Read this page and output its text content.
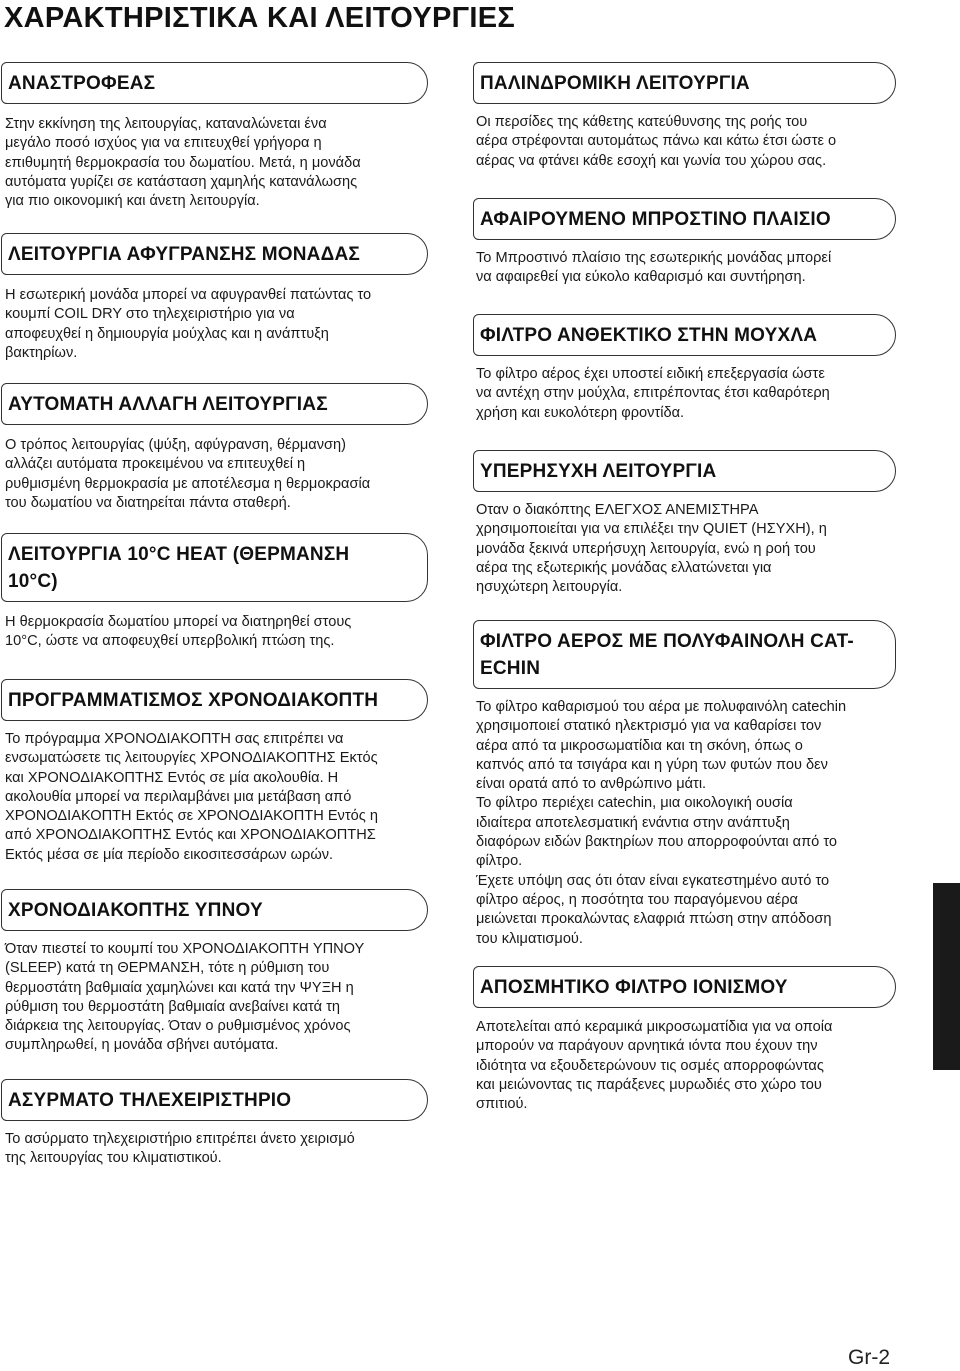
ΧΑΡΑΚΤΗΡΙΣΤΙΚΑ ΚΑΙ ΛΕΙΤΟΥΡΓΙΕΣ
ΑΝΑΣΤΡΟΦΕΑΣ

Στην εκκίνηση της λειτουργίας, καταναλώνεται ένα
μεγάλο ποσό ισχύος για να επιτευχθεί γρήγορα η
επιθυμητή θερμοκρασία του δωματίου. Μετά, η μονάδα
αυτόματα γυρίζει σε κατάσταση χαμηλής κατανάλωσης
για πιο οικονομική και άνετη λειτουργία.

ΛΕΙΤΟΥΡΓΙΑ ΑΦΥΓΡΑΝΣΗΣ ΜΟΝΑΔΑΣ

Η εσωτερική μονάδα μπορεί να αφυγρανθεί πατώντας το
κουμπί COIL DRY στο τηλεχειριστήριο για να
αποφευχθεί η δημιουργία μούχλας και η ανάπτυξη
βακτηρίων.

ΑΥΤΟΜΑΤΗ ΑΛΛΑΓΗ ΛΕΙΤΟΥΡΓΙΑΣ

Ο τρόπος λειτουργίας (ψύξη, αφύγρανση, θέρμανση)
αλλάζει αυτόματα προκειμένου να επιτευχθεί η
ρυθμισμένη θερμοκρασία με αποτέλεσμα η θερμοκρασία
του δωματίου να διατηρείται πάντα σταθερή.

ΛΕΙΤΟΥΡΓΙΑ 10°C HEAT (ΘΕΡΜΑΝΣΗ
10°C)

Η θερμοκρασία δωματίου μπορεί να διατηρηθεί στους
10°C, ώστε να αποφευχθεί υπερβολική πτώση της.

ΠΡΟΓΡΑΜΜΑΤΙΣΜΟΣ ΧΡΟΝΟΔΙΑΚΟΠΤΗ

Το πρόγραμμα ΧΡΟΝΟΔΙΑΚΟΠΤΗ σας επιτρέπει να
ενσωματώσετε τις λειτουργίες ΧΡΟΝΟΔΙΑΚΟΠΤΗΣ Εκτός
και ΧΡΟΝΟΔΙΑΚΟΠΤΗΣ Εντός σε μία ακολουθία. Η
ακολουθία μπορεί να περιλαμβάνει μια μετάβαση από
ΧΡΟΝΟΔΙΑΚΟΠΤΗ Εκτός σε ΧΡΟΝΟΔΙΑΚΟΠΤΗ Εντός η
από ΧΡΟΝΟΔΙΑΚΟΠΤΗΣ Εντός και ΧΡΟΝΟΔΙΑΚΟΠΤΗΣ
Εκτός μέσα σε μία περίοδο εικοσιτεσσάρων ωρών.

ΧΡΟΝΟΔΙΑΚΟΠΤΗΣ ΥΠΝΟΥ

Όταν πιεστεί το κουμπί του ΧΡΟΝΟΔΙΑΚΟΠΤΗ ΥΠΝΟΥ
(SLEEP) κατά τη ΘΕΡΜΑΝΣΗ, τότε η ρύθμιση του
θερμοστάτη βαθμιαία χαμηλώνει και κατά την ΨΥΞΗ η
ρύθμιση του θερμοστάτη βαθμιαία ανεβαίνει κατά τη
διάρκεια της λειτουργίας. Όταν ο ρυθμισμένος χρόνος
συμπληρωθεί, η μονάδα σβήνει αυτόματα.

ΑΣΥΡΜΑΤΟ ΤΗΛΕΧΕΙΡΙΣΤΗΡΙΟ

Το ασύρματο τηλεχειριστήριο επιτρέπει άνετο χειρισμό
της λειτουργίας του κλιματιστικού.

ΠΑΛΙΝΔΡΟΜΙΚΗ ΛΕΙΤΟΥΡΓΙΑ

Οι περσίδες της κάθετης κατεύθυνσης της ροής του
αέρα στρέφονται αυτομάτως πάνω και κάτω έτσι ώστε ο
αέρας να φτάνει κάθε εσοχή και γωνία του χώρου σας.

ΑΦΑΙΡΟΥΜΕΝΟ ΜΠΡΟΣΤΙΝΟ ΠΛΑΙΣΙΟ

Το Μπροστινό πλαίσιο της εσωτερικής μονάδας μπορεί
να αφαιρεθεί για εύκολο καθαρισμό και συντήρηση.

ΦΙΛΤΡΟ ΑΝΘΕΚΤΙΚΟ ΣΤΗΝ ΜΟΥΧΛΑ

Το φίλτρο αέρος έχει υποστεί ειδική επεξεργασία ώστε
να αντέχη στην μούχλα, επιτρέποντας έτσι καθαρότερη
χρήση και ευκολότερη φροντίδα.

ΥΠΕΡΗΣΥΧΗ ΛΕΙΤΟΥΡΓΙΑ

Οταν ο διακόπτης ΕΛΕΓΧΟΣ ΑΝΕΜΙΣΤΗΡΑ
χρησιμοποιείται για να επιλέξει την QUIET (ΗΣΥΧΗ), η
μονάδα ξεκινά υπερήσυχη λειτουργία, ενώ η ροή του
αέρα της εξωτερικής μονάδας ελλατώνεται για
ησυχώτερη λειτουργία.

ΦΙΛΤΡΟ ΑΕΡΟΣ ΜΕ ΠΟΛΥΦΑΙΝΟΛΗ CAT-
ECHIN

Το φίλτρο καθαρισμού του αέρα με πολυφαινόλη catechin
χρησιμοποιεί στατικό ηλεκτρισμό για να καθαρίσει τον
αέρα από τα μικροσωματίδια και τη σκόνη, όπως ο
καπνός από τα τσιγάρα και η γύρη των φυτών που δεν
είναι ορατά από το ανθρώπινο μάτι.
Το φίλτρο περιέχει catechin, μια οικολογική ουσία
ιδιαίτερα αποτελεσματική ενάντια στην ανάπτυξη
διαφόρων ειδών βακτηρίων που απορροφούνται από το
φίλτρο.
Έχετε υπόψη σας ότι όταν είναι εγκατεστημένο αυτό το
φίλτρο αέρος, η ποσότητα του παραγόμενου αέρα
μειώνεται προκαλώντας ελαφριά πτώση στην απόδοση
του κλιματισμού.

ΑΠΟΣΜΗΤΙΚΟ ΦΙΛΤΡΟ ΙΟΝΙΣΜΟΥ

Αποτελείται από κεραμικά μικροσωματίδια για να οποία
μπορούν να παράγουν αρνητικά ιόντα που έχουν την
ιδιότητα να εξουδετερώνουν τις οσμές απορροφώντας
και μειώνοντας τις παράξενες μυρωδιές στο χώρο του
σπιτιού.

Gr-2
